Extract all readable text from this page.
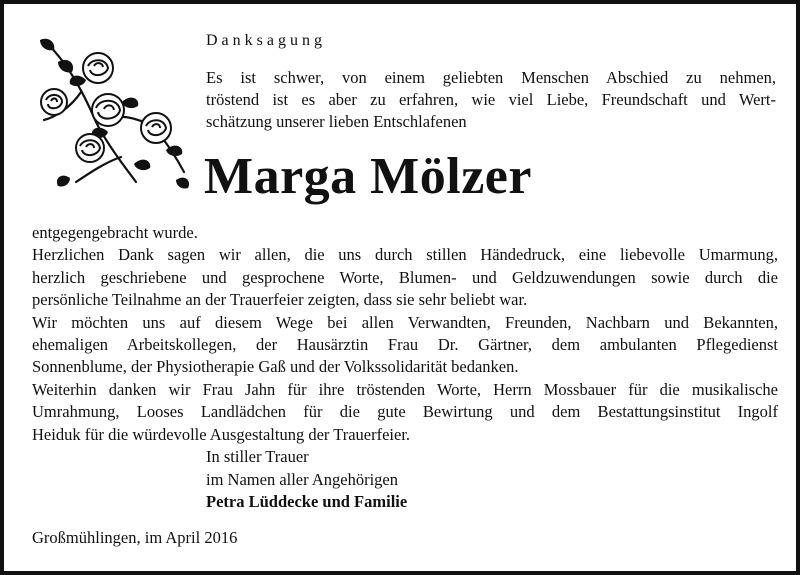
Danksagung
Es ist schwer, von einem geliebten Menschen Abschied zu nehmen,
tröstend ist es aber zu erfahren, wie viel Liebe, Freundschaft und Wert-
schätzung unserer lieben Entschlafenen
Marga Mölzer
entgegengebracht wurde.
Herzlichen Dank sagen wir allen, die uns durch stillen Händedruck, eine liebevolle Umarmung,
herzlich geschriebene und gesprochene Worte, Blumen- und Geldzuwendungen sowie durch die
persönliche Teilnahme an der Trauerfeier zeigten, dass sie sehr beliebt war.
Wir möchten uns auf diesem Wege bei allen Verwandten, Freunden, Nachbarn und Bekannten,
ehemaligen Arbeitskollegen, der Hausärztin Frau Dr. Gärtner, dem ambulanten Pflegedienst
Sonnenblume, der Physiotherapie Gaß und der Volkssolidarität bedanken.
Weiterhin danken wir Frau Jahn für ihre tröstenden Worte, Herrn Mossbauer für die musikalische
Umrahmung, Looses Landlädchen für die gute Bewirtung und dem Bestattungsinstitut Ingolf
Heiduk für die würdevolle Ausgestaltung der Trauerfeier.
In stiller Trauer
im Namen aller Angehörigen
Petra Lüddecke und Familie
Großmühlingen, im April 2016
